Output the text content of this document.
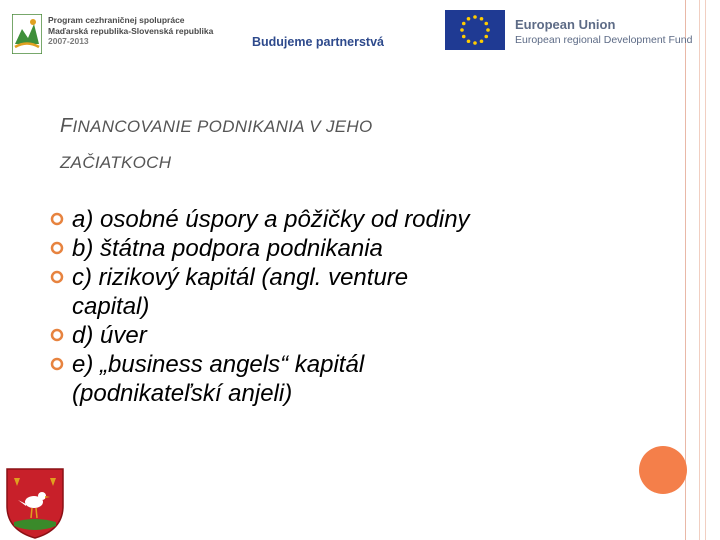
Program cezhraničnej spolupráce
Maďarská republika-Slovenská republika
2007-2013	Budujeme partnerstvá
European Union
European regional Development Fund
FINANCOVANIE PODNIKANIA V JEHO
ZAČIATKOCH
a) osobné úspory a pôžičky od rodiny
b) štátna podpora podnikania
c) rizikový kapitál (angl. venture
capital)
d) úver
e) „business angels“ kapitál
(podnikateľskí anjeli)
